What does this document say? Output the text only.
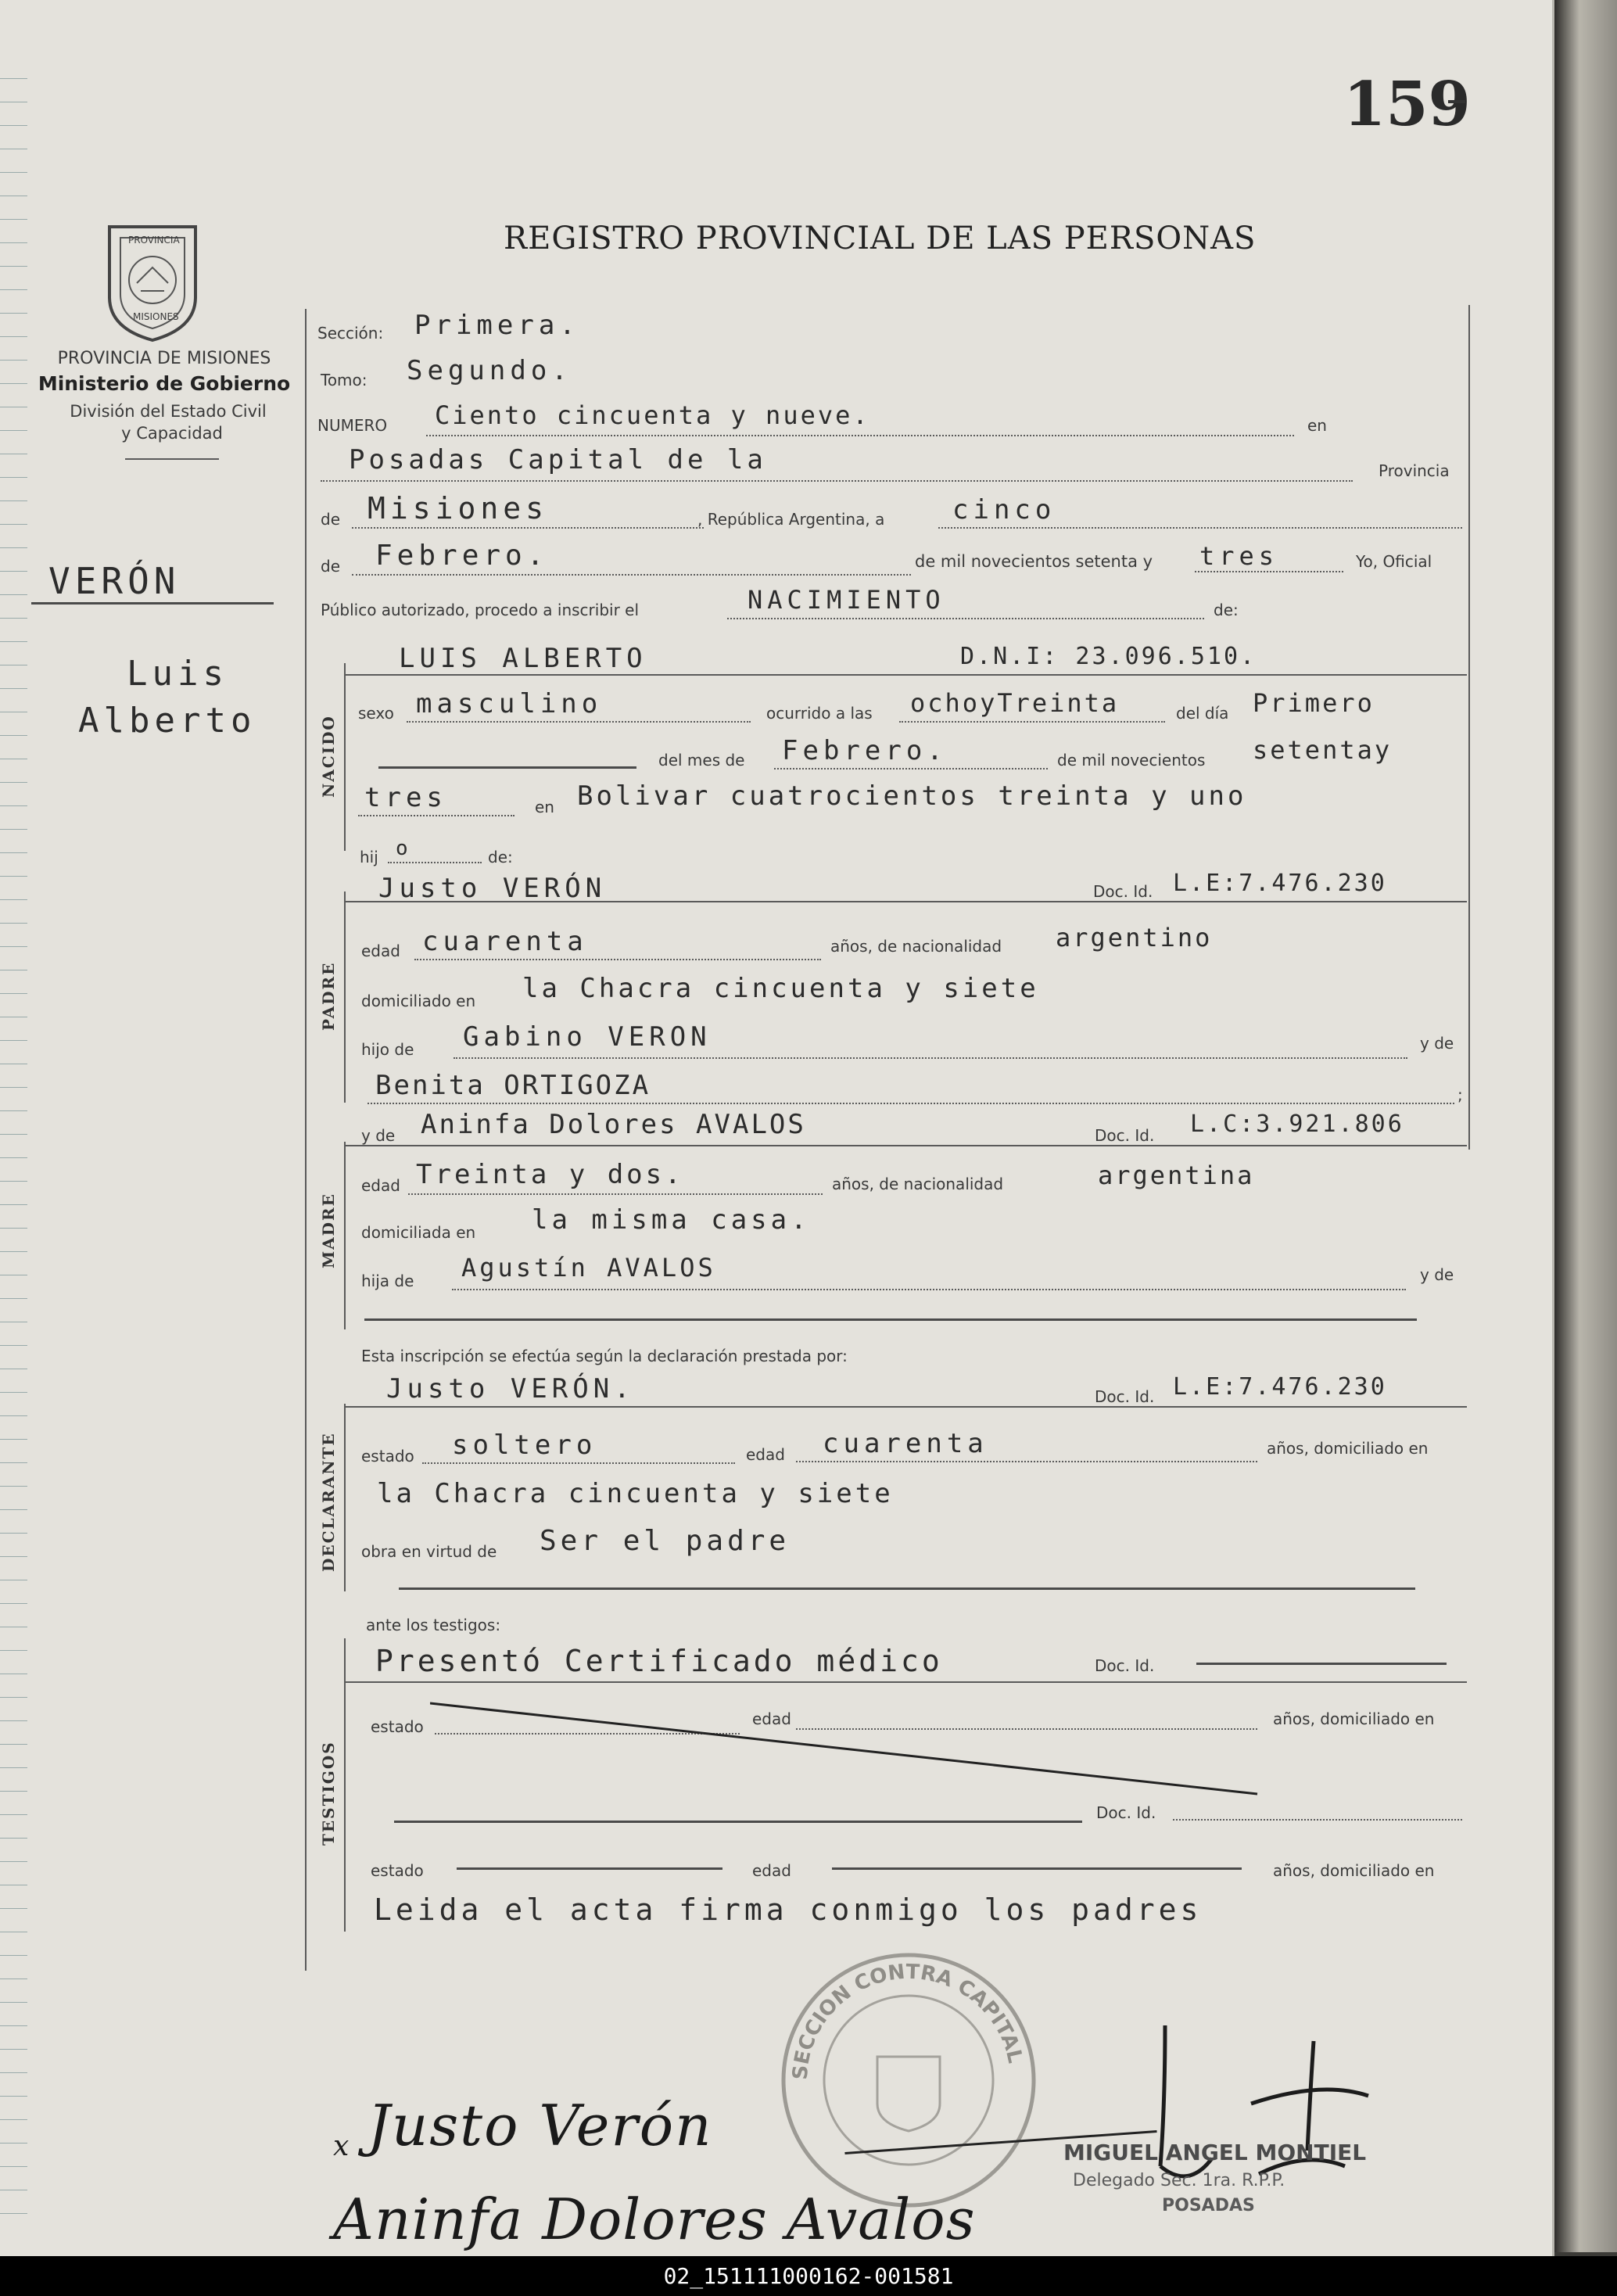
159
REGISTRO PROVINCIAL DE LAS PERSONAS
PROVINCIA
MISIONES
PROVINCIA DE MISIONES
Ministerio de Gobierno
División del Estado Civil
y Capacidad
VERÓN
Luis
Alberto	NACIDO
PADRE
MADRE
DECLARANTE
TESTIGOS
Sección: Primera.
Tomo: Segundo.
NUMERO Ciento cincuenta y nueve.	en
Posadas Capital de la	Provincia
de Misiones	, República Argentina, a	cinco
de Febrero.	de mil novecientos setenta y tres	Yo, Oficial
Público autorizado, procedo a inscribir el	NACIMIENTO	de:
LUIS ALBERTO	D.N.I: 23.096.510.
sexo masculino	ocurrido a las ochoyTreinta	del día Primero
del mes de Febrero.	de mil novecientos setentay
tres	en Bolivar cuatrocientos treinta y uno
hij o	de:
Justo VERÓN	Doc. Id. L.E:7.476.230
edad cuarenta	años, de nacionalidad argentino
domiciliado en la Chacra cincuenta y siete
hijo de Gabino VERON	y de
Benita ORTIGOZA	;
y de Aninfa Dolores AVALOS	Doc. Id. L.C:3.921.806
edad Treinta y dos.	años, de nacionalidad	argentina
domiciliada en la misma casa.
hija de Agustín AVALOS	y de
Esta inscripción se efectúa según la declaración prestada por:
Justo VERÓN.	Doc. Id. L.E:7.476.230
estado soltero	edad cuarenta	años, domiciliado en
la Chacra cincuenta y siete
obra en virtud de Ser el padre
ante los testigos:
Presentó Certificado médico	Doc. Id.
estado	edad	años, domiciliado en
Doc. Id.
estado	edad	años, domiciliado en
Leida el acta firma conmigo los padres
SECCION CONTRA CAPITAL
MIGUEL ANGEL MONTIEL
Delegado Sec. 1ra. R.P.P.
POSADAS
x Justo Verón
Aninfa Dolores Avalos
02_151111000162-001581
